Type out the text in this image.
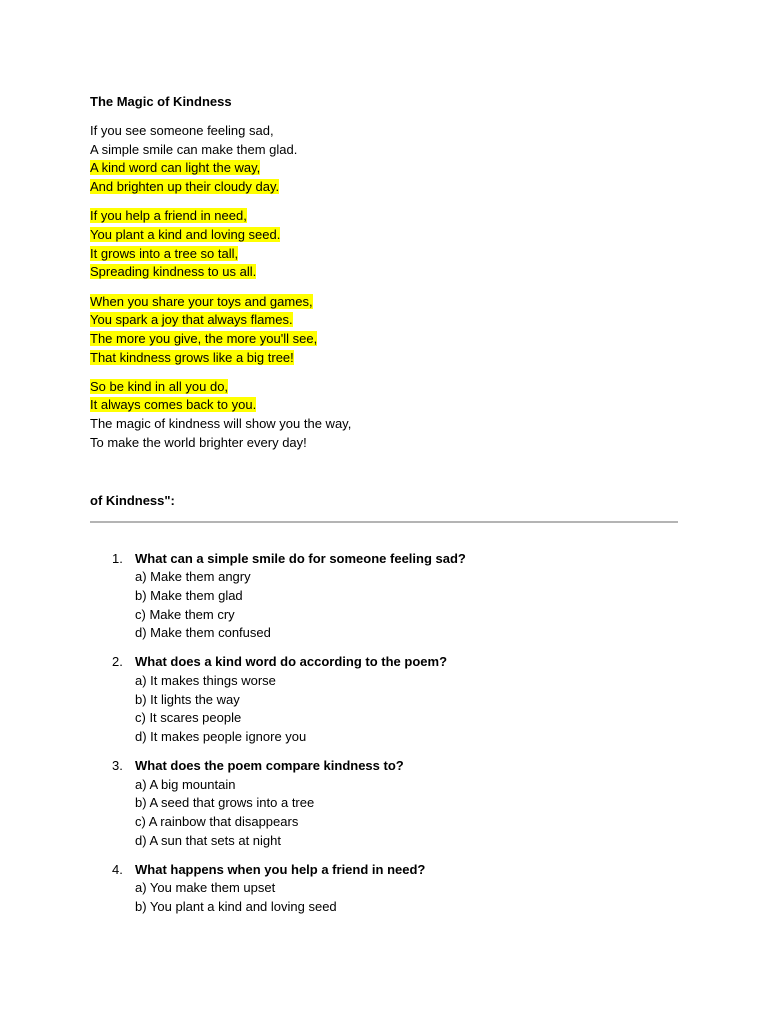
The Magic of Kindness
If you see someone feeling sad,
A simple smile can make them glad.
A kind word can light the way,
And brighten up their cloudy day.
If you help a friend in need,
You plant a kind and loving seed.
It grows into a tree so tall,
Spreading kindness to us all.
When you share your toys and games,
You spark a joy that always flames.
The more you give, the more you'll see,
That kindness grows like a big tree!
So be kind in all you do,
It always comes back to you.
The magic of kindness will show you the way,
To make the world brighter every day!
of Kindness":
1. What can a simple smile do for someone feeling sad?
a) Make them angry
b) Make them glad
c) Make them cry
d) Make them confused
2. What does a kind word do according to the poem?
a) It makes things worse
b) It lights the way
c) It scares people
d) It makes people ignore you
3. What does the poem compare kindness to?
a) A big mountain
b) A seed that grows into a tree
c) A rainbow that disappears
d) A sun that sets at night
4. What happens when you help a friend in need?
a) You make them upset
b) You plant a kind and loving seed
